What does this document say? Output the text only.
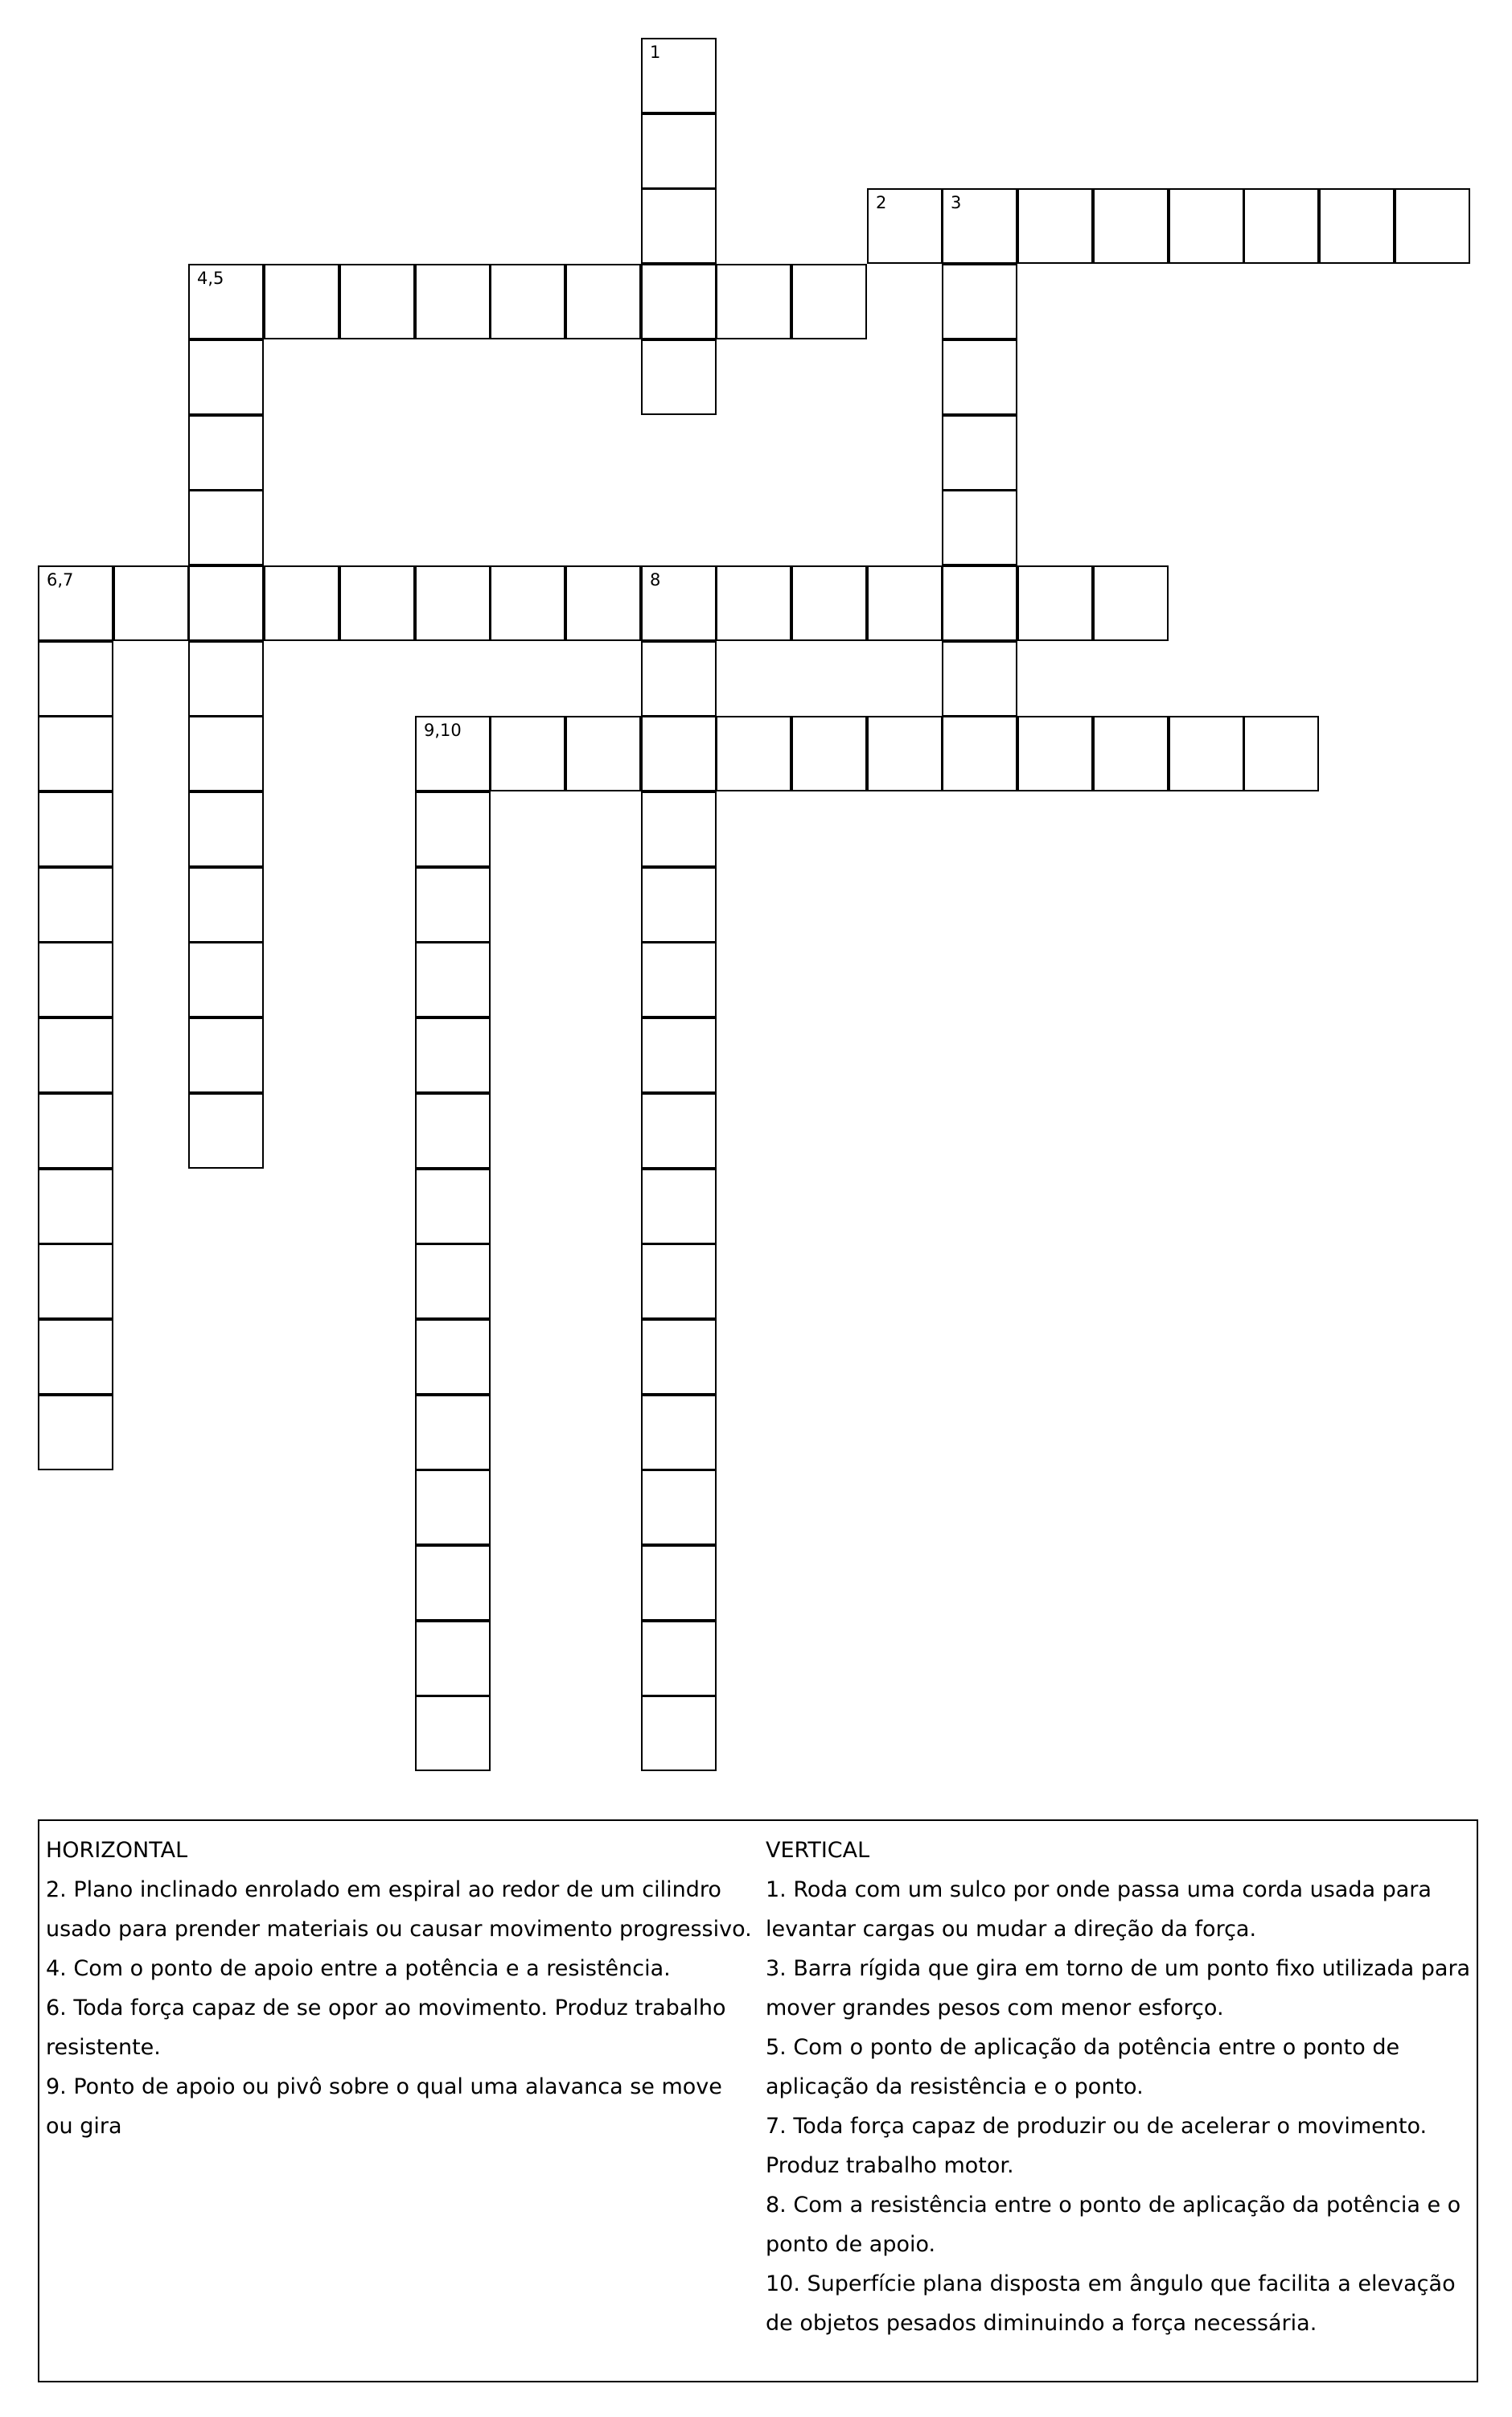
1
2	3
4,5
6,7	8
9,10
HORIZONTAL
2. Plano inclinado enrolado em espiral ao redor de um cilindro usado para prender materiais ou causar movimento progressivo.
4. Com o ponto de apoio entre a potência e a resistência.
6. Toda força capaz de se opor ao movimento. Produz trabalho resistente.
9. Ponto de apoio ou pivô sobre o qual uma alavanca se move ou gira
VERTICAL
1. Roda com um sulco por onde passa uma corda usada para levantar cargas ou mudar a direção da força.
3. Barra rígida que gira em torno de um ponto fixo utilizada para mover grandes pesos com menor esforço.
5. Com o ponto de aplicação da potência entre o ponto de aplicação da resistência e o ponto.
7. Toda força capaz de produzir ou de acelerar o movimento. Produz trabalho motor.
8. Com a resistência entre o ponto de aplicação da potência e o ponto de apoio.
10. Superfície plana disposta em ângulo que facilita a elevação de objetos pesados diminuindo a força necessária.
